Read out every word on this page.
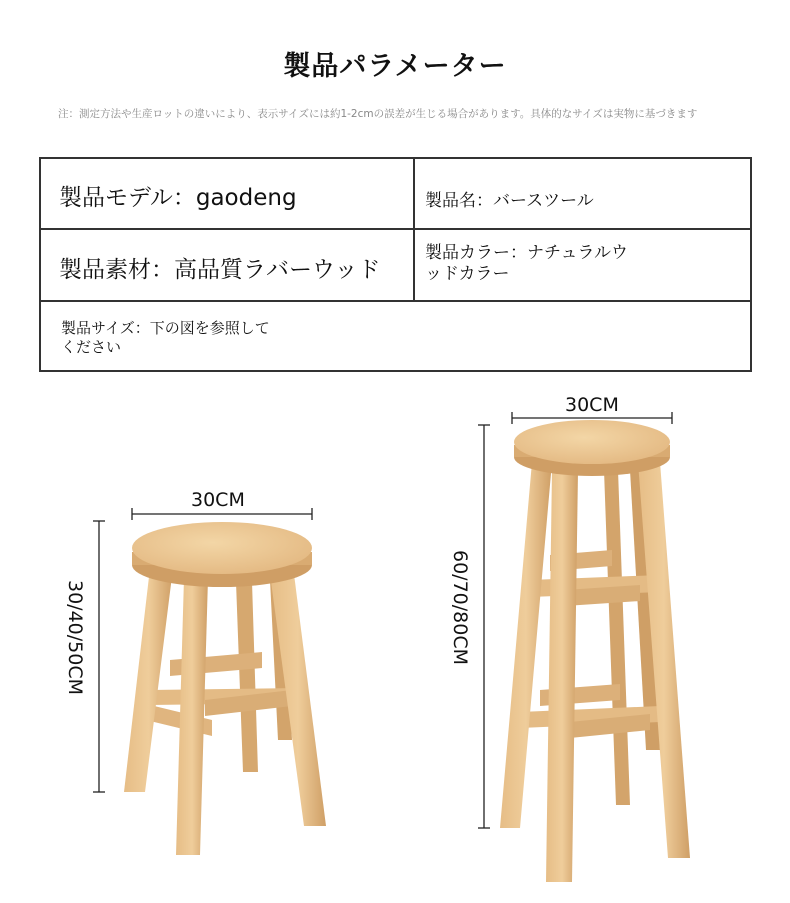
製品パラメーター
注：測定方法や生産ロットの違いにより、表示サイズには約1-2cmの誤差が生じる場合があります。具体的なサイズは実物に基づきます
製品モデル：gaodeng	製品名：バースツール
製品素材：高品質ラバーウッド
製品カラー：ナチュラルウ
ッドカラー
製品サイズ：下の図を参照して
ください
30CM
30/40/50CM
30CM
60/70/80CM
